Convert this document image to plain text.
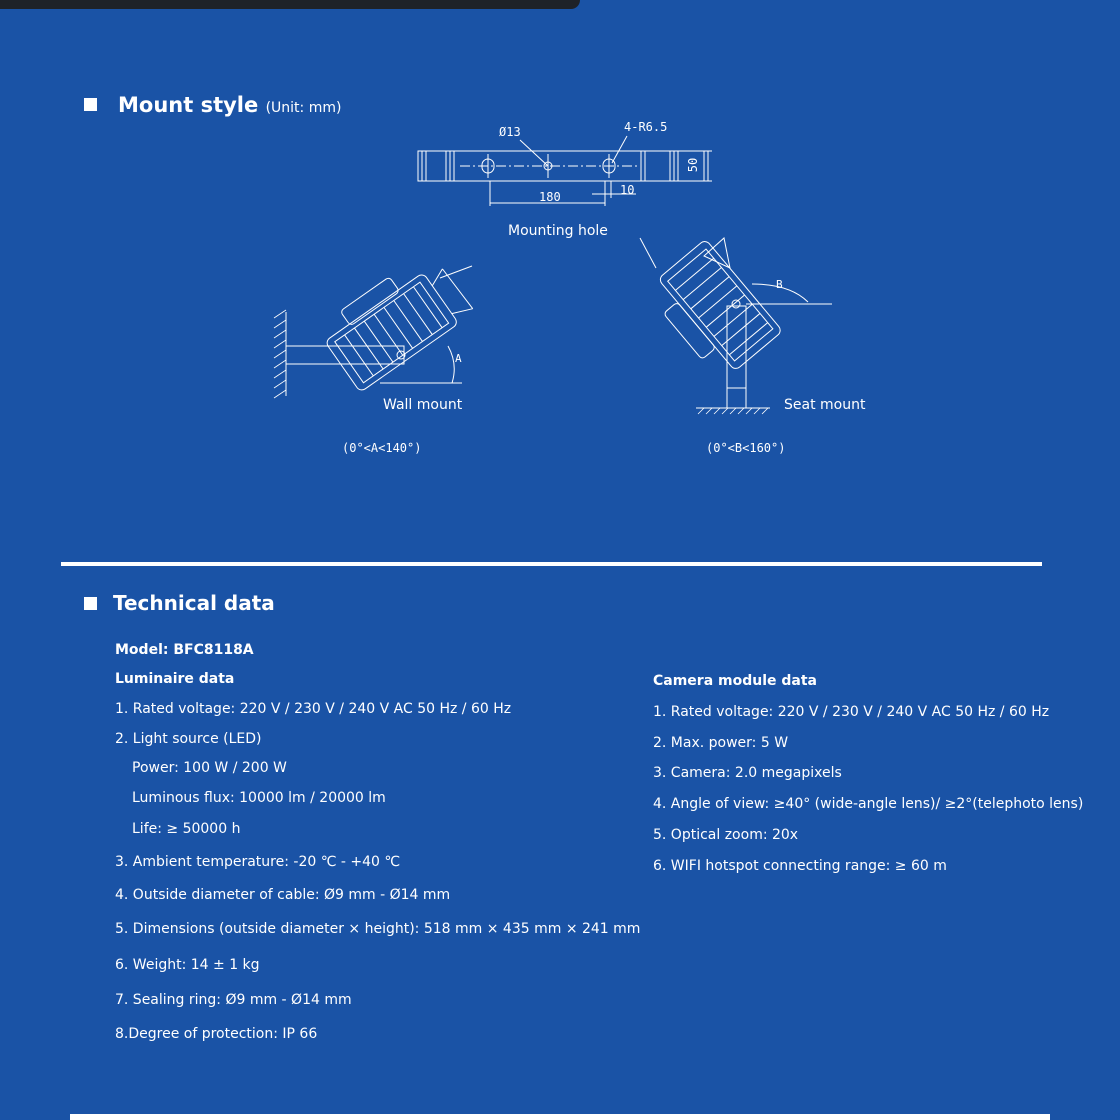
Mount style (Unit: mm)
Ø13	4-R6.5
180	10
50
Mounting hole
A
B
Wall mount	Seat mount
(0°<A<140°)	(0°<B<160°)
Technical data
Model: BFC8118A
Luminaire data
1. Rated voltage: 220 V / 230 V / 240 V AC 50 Hz / 60 Hz
2. Light source (LED)
Power: 100 W / 200 W
Luminous flux: 10000 lm / 20000 lm
Life: ≥ 50000 h
3. Ambient temperature: -20 ℃ - +40 ℃
4. Outside diameter of cable: Ø9 mm - Ø14 mm
5. Dimensions (outside diameter × height): 518 mm × 435 mm × 241 mm
6. Weight: 14 ± 1 kg
7. Sealing ring: Ø9 mm - Ø14 mm
8.Degree of protection: IP 66
Camera module data
1. Rated voltage: 220 V / 230 V / 240 V AC 50 Hz / 60 Hz
2. Max. power: 5 W
3. Camera: 2.0 megapixels
4. Angle of view: ≥40° (wide-angle lens)/ ≥2°(telephoto lens)
5. Optical zoom: 20x
6. WIFI hotspot connecting range: ≥ 60 m
